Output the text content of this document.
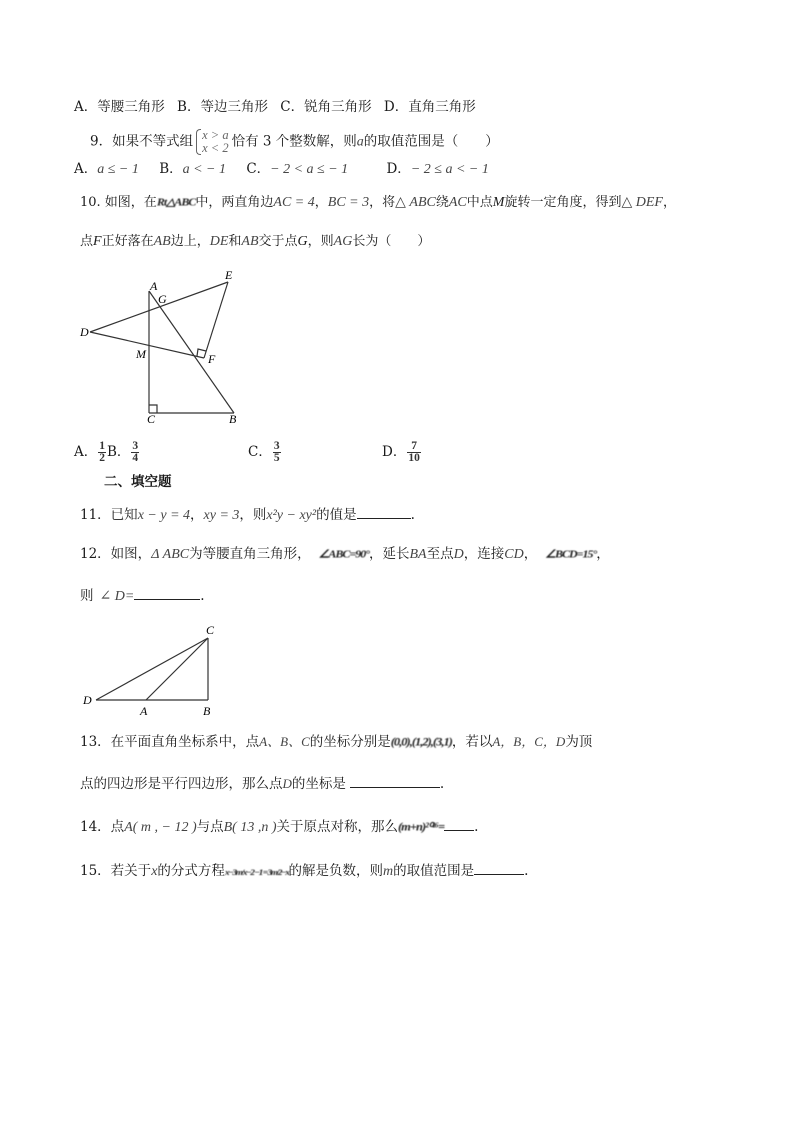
A．等腰三角形 B．等边三角形 C．锐角三角形 D．直角三角形
9．如果不等式组 x > a
x < 2 恰有 3 个整数解，则a的取值范围是（　　）
A．a ≤ − 1 B．a < − 1 C．− 2 < a ≤ − 1	D．− 2 ≤ a < − 1
10. 如图，在Rt△ABC中，两直角边AC = 4，BC = 3，将△ ABC绕AC中点M旋转一定角度，得到△ DEF，
点F正好落在AB边上，DE和AB交于点G，则AG长为（　　）
A
G
E
D
M	F
C	B
A． $\frac{1}{2}$ B． $\frac{3}{4}$	C． $\frac{3}{5}$	D． $\frac{7}{10}$
二、填空题
11．已知x − y = 4，xy = 3，则x²y − xy²的值是	.
12．如图，Δ ABC为等腰直角三角形， ∠ABC=90°，延长BA至点D，连接CD， ∠BCD=15°，
则 ∠ D=	.
C
D
A	B
13．在平面直角坐标系中，点A、B、C的坐标分别是(0,0),(1,2),(3,1)，若以A，B，C，D为顶
点的四边形是平行四边形，那么点D的坐标是	.
14．点A( m , − 12 )与点B( 13 ,n )关于原点对称，那么(m+n)²⁰¹⁶= .
15．若关于x的分式方程x−3m/x−2 −1 = 3m/2−x的解是负数，则m的取值范围是	.
